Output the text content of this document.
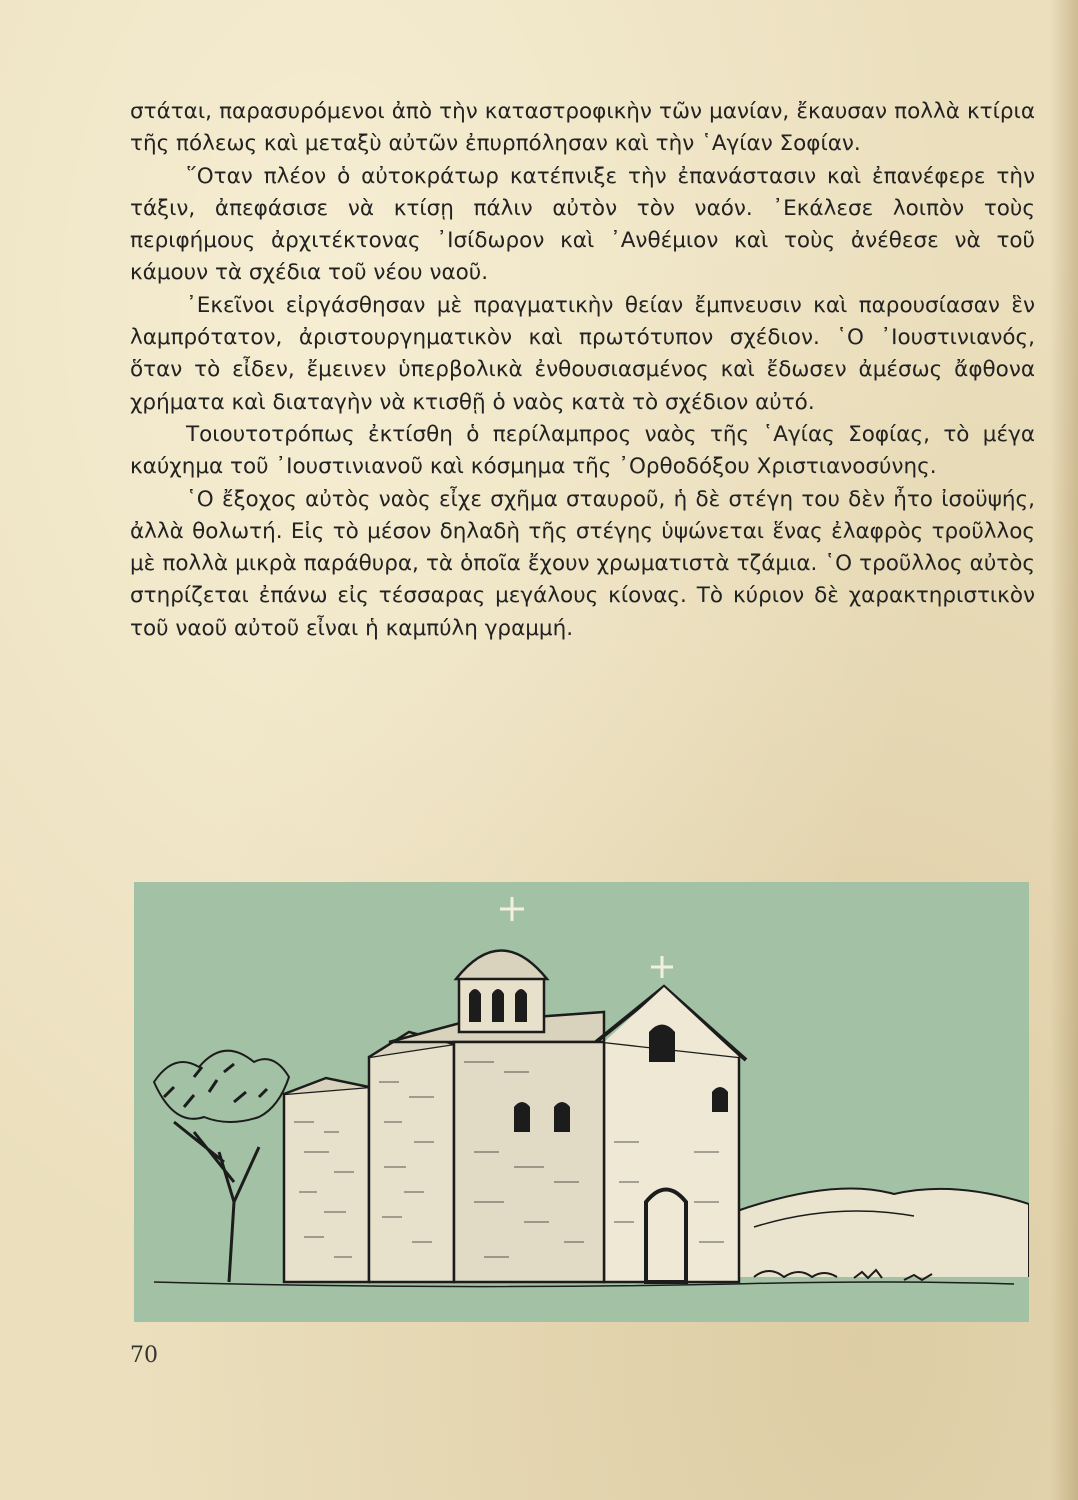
στάται, παρασυρόμενοι ἀπὸ τὴν καταστροφικὴν τῶν μανίαν, ἔκαυσαν πολλὰ κτίρια τῆς πόλεως καὶ μεταξὺ αὐτῶν ἐπυρπόλησαν καὶ τὴν ῾Αγίαν Σοφίαν.

῞Οταν πλέον ὁ αὐτοκράτωρ κατέπνιξε τὴν ἐπανάστασιν καὶ ἐπανέφερε τὴν τάξιν, ἀπεφάσισε νὰ κτίσῃ πάλιν αὐτὸν τὸν ναόν. ᾿Εκάλεσε λοιπὸν τοὺς περιφήμους ἀρχιτέκτονας ᾿Ισίδωρον καὶ ᾿Ανθέμιον καὶ τοὺς ἀνέθεσε νὰ τοῦ κάμουν τὰ σχέδια τοῦ νέου ναοῦ.

᾿Εκεῖνοι εἰργάσθησαν μὲ πραγματικὴν θείαν ἔμπνευσιν καὶ παρουσίασαν ἓν λαμπρότατον, ἀριστουργηματικὸν καὶ πρωτότυπον σχέδιον. ῾Ο ᾿Ιουστινιανός, ὅταν τὸ εἶδεν, ἔμεινεν ὑπερβολικὰ ἐνθουσιασμένος καὶ ἔδωσεν ἀμέσως ἄφθονα χρήματα καὶ διαταγὴν νὰ κτισθῇ ὁ ναὸς κατὰ τὸ σχέδιον αὐτό.

Τοιουτοτρόπως ἐκτίσθη ὁ περίλαμπρος ναὸς τῆς ῾Αγίας Σοφίας, τὸ μέγα καύχημα τοῦ ᾿Ιουστινιανοῦ καὶ κόσμημα τῆς ᾿Ορθοδόξου Χριστιανοσύνης.

῾Ο ἔξοχος αὐτὸς ναὸς εἶχε σχῆμα σταυροῦ, ἡ δὲ στέγη του δὲν ἦτο ἰσοϋψής, ἀλλὰ θολωτή. Εἰς τὸ μέσον δηλαδὴ τῆς στέγης ὑψώνεται ἕνας ἐλαφρὸς τροῦλλος μὲ πολλὰ μικρὰ παράθυρα, τὰ ὁποῖα ἔχουν χρωματιστὰ τζάμια. ῾Ο τροῦλλος αὐτὸς στηρίζεται ἐπάνω εἰς τέσσαρας μεγάλους κίονας. Τὸ κύριον δὲ χαρακτηριστικὸν τοῦ ναοῦ αὐτοῦ εἶναι ἡ καμπύλη γραμμή.

70
